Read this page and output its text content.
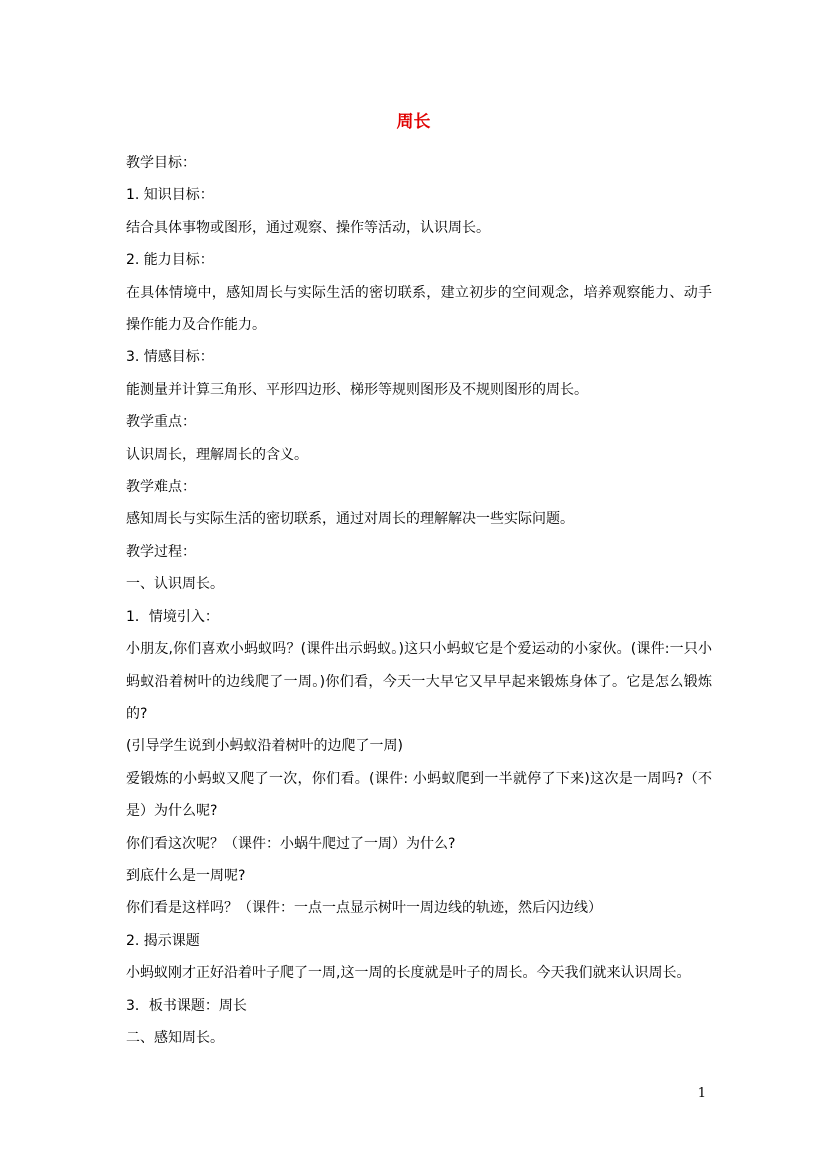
周长

教学目标：

1. 知识目标：

结合具体事物或图形，通过观察、操作等活动，认识周长。

2. 能力目标：

在具体情境中，感知周长与实际生活的密切联系，建立初步的空间观念，培养观察能力、动手操作能力及合作能力。

3. 情感目标：

能测量并计算三角形、平形四边形、梯形等规则图形及不规则图形的周长。

教学重点：

认识周长，理解周长的含义。

教学难点：

感知周长与实际生活的密切联系，通过对周长的理解解决一些实际问题。

教学过程：

一、认识周长。

1．情境引入：

小朋友,你们喜欢小蚂蚁吗？(课件出示蚂蚁。)这只小蚂蚁它是个爱运动的小家伙。(课件:一只小蚂蚁沿着树叶的边线爬了一周。)你们看，今天一大早它又早早起来锻炼身体了。它是怎么锻炼的?

(引导学生说到小蚂蚁沿着树叶的边爬了一周)

爱锻炼的小蚂蚁又爬了一次，你们看。(课件: 小蚂蚁爬到一半就停了下来)这次是一周吗?（不是）为什么呢?

你们看这次呢？（课件：小蜗牛爬过了一周）为什么?

到底什么是一周呢?

你们看是这样吗？（课件：一点一点显示树叶一周边线的轨迹，然后闪边线）

2. 揭示课题

小蚂蚁刚才正好沿着叶子爬了一周,这一周的长度就是叶子的周长。今天我们就来认识周长。

3．板书课题：周长

二、感知周长。

1
